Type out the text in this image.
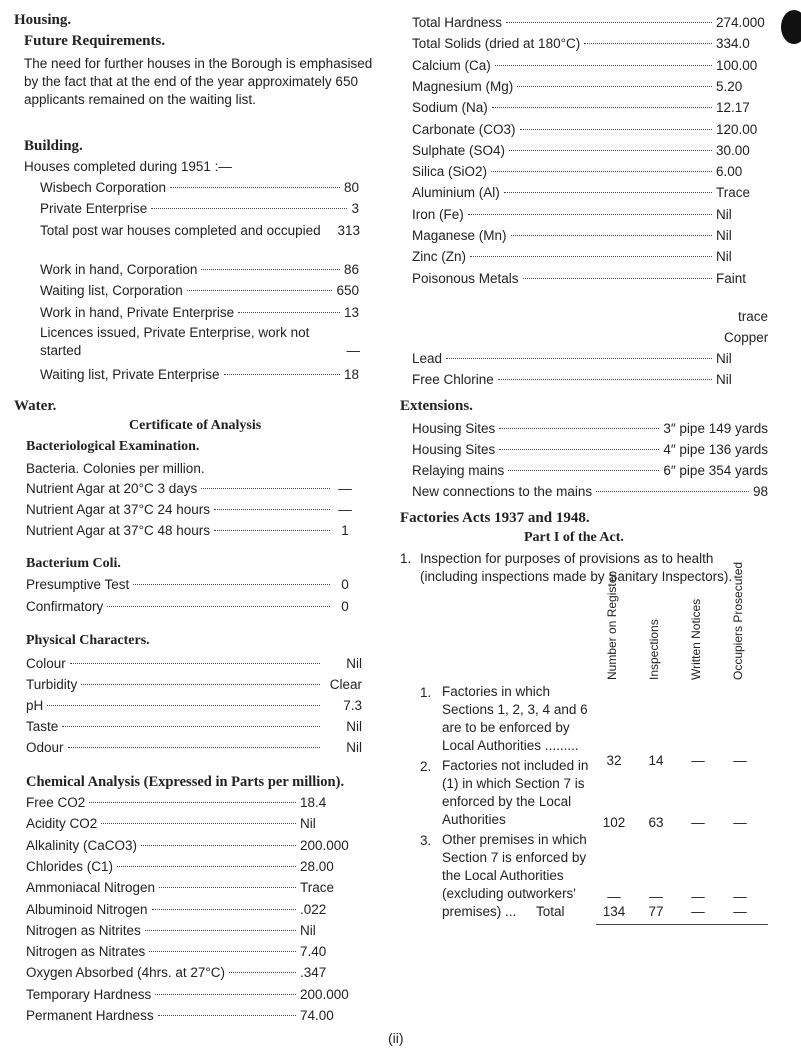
Housing.
Future Requirements.
The need for further houses in the Borough is emphasised by the fact that at the end of the year approximately 650 applicants remained on the waiting list.
Building.
Houses completed during 1951 :—
Wisbech Corporation	80
Private Enterprise	3
Total post war houses completed and occupied 313
Work in hand, Corporation	86
Waiting list, Corporation	650
Work in hand, Private Enterprise	13
Licences issued, Private Enterprise, work not started	—
Waiting list, Private Enterprise	18
Water.
Certificate of Analysis
Bacteriological Examination.
Bacteria. Colonies per million.
Nutrient Agar at 20°C 3 days	—
Nutrient Agar at 37°C 24 hours	—
Nutrient Agar at 37°C 48 hours	1
Bacterium Coli.
Presumptive Test	0
Confirmatory	0
Physical Characters.
Colour	Nil
Turbidity	Clear
pH	7.3
Taste	Nil
Odour	Nil
Chemical Analysis (Expressed in Parts per million).
Free CO2	18.4
Acidity CO2	Nil
Alkalinity (CaCO3)	200.000
Chlorides (C1)	28.00
Ammoniacal Nitrogen	Trace
Albuminoid Nitrogen	.022
Nitrogen as Nitrites	Nil
Nitrogen as Nitrates	7.40
Oxygen Absorbed (4hrs. at 27°C)	.347
Temporary Hardness	200.000
Permanent Hardness	74.00
Total Hardness	274.000
Total Solids (dried at 180°C)	334.0
Calcium (Ca)	100.00
Magnesium (Mg)	5.20
Sodium (Na)	12.17
Carbonate (CO3)	120.00
Sulphate (SO4)	30.00
Silica (SiO2)	6.00
Aluminium (Al)	Trace
Iron (Fe)	Nil
Maganese (Mn)	Nil
Zinc (Zn)	Nil
Poisonous Metals	Faint
trace
Copper
Lead	Nil
Free Chlorine	Nil
Extensions.
Housing Sites	3″ pipe 149 yards
Housing Sites	4″ pipe 136 yards
Relaying mains	6″ pipe 354 yards
New connections to the mains	98
Factories Acts 1937 and 1948.
Part I of the Act.
1. Inspection for purposes of provisions as to health (including inspections made by Sanitary Inspectors).
Number on Register Inspections Written Notices Occupiers Prosecuted
1. Factories in which Sections 1, 2, 3, 4 and 6 are to be enforced by Local Authorities .........
32	14	—	—
2. Factories not included in (1) in which Section 7 is enforced by the Local Authorities	102	63	—	—
3. Other premises in which Section 7 is enforced by the Local Authorities (excluding outworkers' premises) ...
—	—	—	—
Total	134	77	—	—
(ii)
